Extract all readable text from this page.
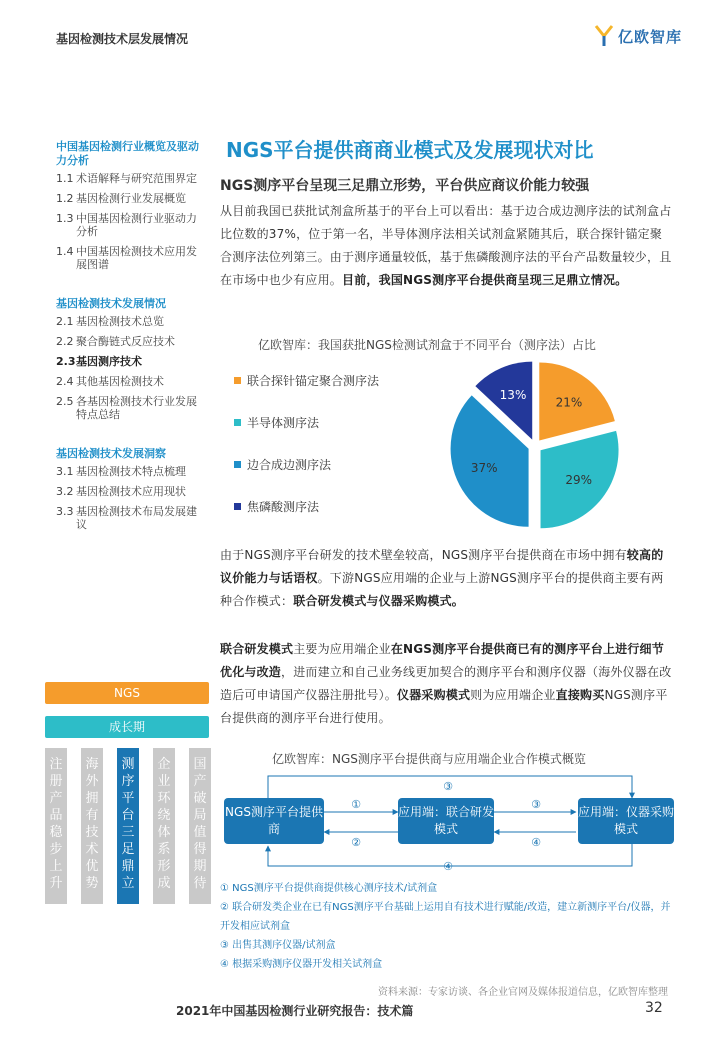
基因检测技术层发展情况	亿欧智库
中国基因检测行业概览及驱动力分析
1.1 术语解释与研究范围界定
1.2 基因检测行业发展概览
1.3 中国基因检测行业驱动力分析
1.4 中国基因检测技术应用发展图谱
基因检测技术发展情况
2.1 基因检测技术总览
2.2 聚合酶链式反应技术
2.3 基因测序技术
2.4 其他基因检测技术
2.5 各基因检测技术行业发展特点总结
基因检测技术发展洞察
3.1 基因检测技术特点梳理
3.2 基因检测技术应用现状
3.3 基因检测技术布局发展建议
NGS
成长期
注册产品稳步上升
海外拥有技术优势
测序平台三足鼎立
企业环绕体系形成
国产破局值得期待
NGS平台提供商商业模式及发展现状对比
NGS测序平台呈现三足鼎立形势，平台供应商议价能力较强

从目前我国已获批试剂盒所基于的平台上可以看出：基于边合成边测序法的试剂盒占比位数的37%，位于第一名，半导体测序法相关试剂盒紧随其后，联合探针锚定聚合测序法位列第三。由于测序通量较低，基于焦磷酸测序法的平台产品数量较少，且在市场中也少有应用。目前，我国NGS测序平台提供商呈现三足鼎立情况。

亿欧智库：我国获批NGS检测试剂盒于不同平台（测序法）占比
联合探针锚定聚合测序法
半导体测序法
边合成边测序法
焦磷酸测序法
21%
29%
37%
13%

由于NGS测序平台研发的技术壁垒较高，NGS测序平台提供商在市场中拥有较高的议价能力与话语权。下游NGS应用端的企业与上游NGS测序平台的提供商主要有两种合作模式：联合研发模式与仪器采购模式。

联合研发模式主要为应用端企业在NGS测序平台提供商已有的测序平台上进行细节优化与改造，进而建立和自己业务线更加契合的测序平台和测序仪器（海外仪器在改造后可申请国产仪器注册批号）。仪器采购模式则为应用端企业直接购买NGS测序平台提供商的测序平台进行使用。

亿欧智库：NGS测序平台提供商与应用端企业合作模式概览
①
②
③
③
④
④
NGS测序平台提供商
应用端：联合研发模式
应用端：仪器采购模式
① NGS测序平台提供商提供核心测序技术/试剂盒
② 联合研发类企业在已有NGS测序平台基础上运用自有技术进行赋能/改造，建立新测序平台/仪器，并开发相应试剂盒
③ 出售其测序仪器/试剂盒
④ 根据采购测序仪器开发相关试剂盒
资料来源：专家访谈、各企业官网及媒体报道信息，亿欧智库整理
2021年中国基因检测行业研究报告：技术篇	32
